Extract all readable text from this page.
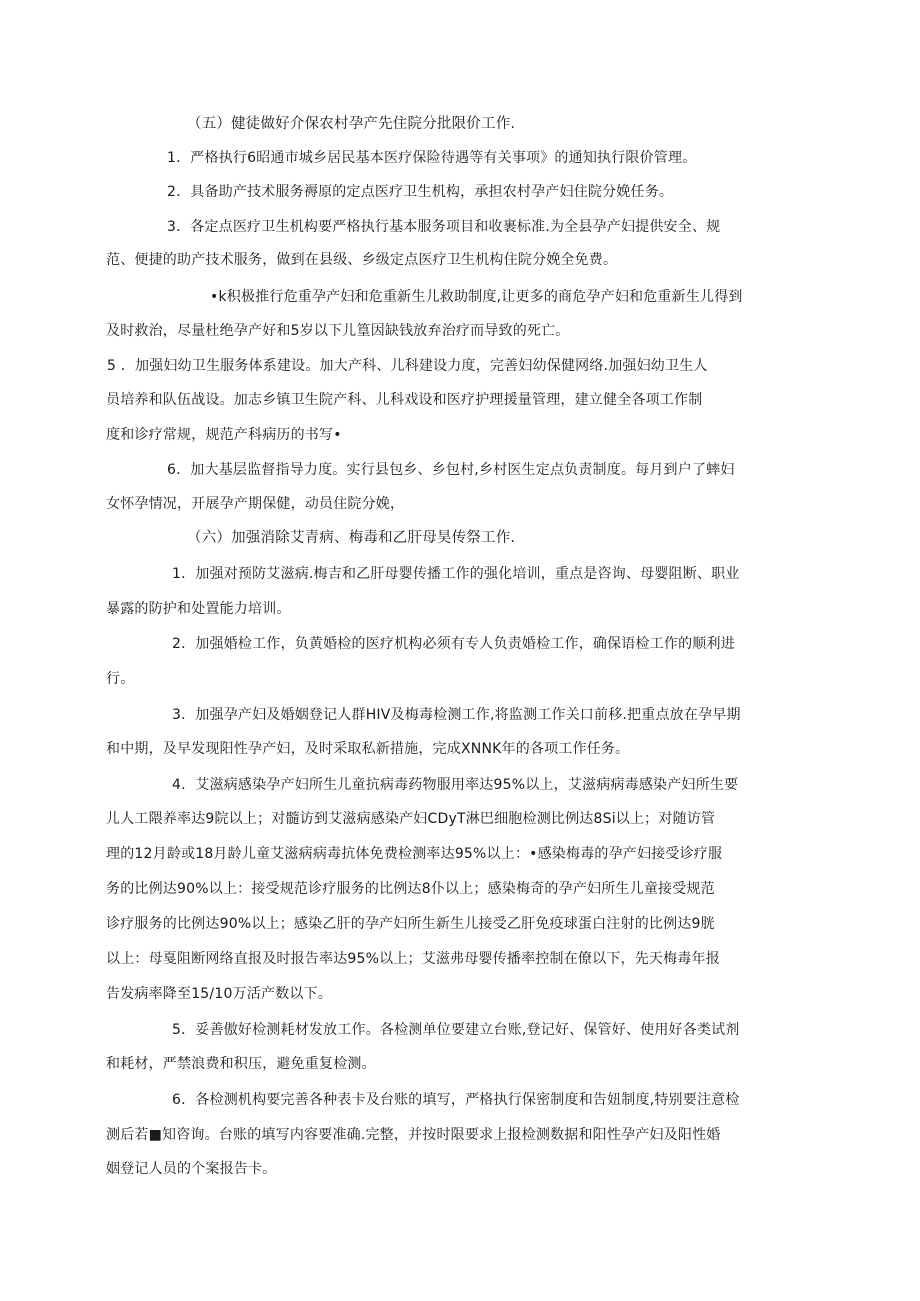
（五）健徒做好介保农村孕产先住院分批限价工作.
1．严格执行6昭通市城乡居民基本医疗保险待遇等有关事项》的通知执行限价管理。
2．具备助产技术服务褥原的定点医疗卫生机构，承担农村孕产妇住院分娩任务。
3．各定点医疗卫生机构要严格执行基本服务项目和收裹标准.为全县孕产妇提供安全、规
范、便捷的助产技术服务，做到在县级、乡级定点医疗卫生机构住院分娩全免费。
•k积极推行危重孕产妇和危重新生儿救助制度,让更多的商危孕产妇和危重新生儿得到
及时救治，尽量杜绝孕产好和5岁以下儿篁因缺钱放弃治疗而导致的死亡。
5 ．加强妇幼卫生服务体系建设。加大产科、儿科建设力度，完善妇幼保健网络.加强妇幼卫生人
员培养和队伍战设。加志乡镇卫生院产科、儿科戏设和医疗护理援量管理，建立健全各项工作制
度和诊疗常规，规范产科病历的书写•
6．加大基层监督指导力度。实行县包乡、乡包村,乡村医生定点负责制度。每月到户了蟀妇
女怀孕情况，开展孕产期保健，动员住院分娩，
（六）加强消除艾青病、梅毒和乙肝母昊传祭工作.
1．加强对预防艾滋病.梅吉和乙肝母婴传播工作的强化培训，重点是咨询、母婴阻断、职业
暴露的防护和处置能力培训。
2．加强婚检工作，负黄婚检的医疗机构必须有专人负责婚检工作，确保语检工作的顺利进
行。
3．加强孕产妇及婚姻登记人群HIV及梅毒检测工作,将监测工作关口前移.把重点放在孕早期
和中期，及早发现阳性孕产妇，及时采取私新措施，完成XNNK年的各项工作任务。
4．艾滋病感染孕产妇所生儿童抗病毒药物服用率达95%以上，艾滋病病毒感染产妇所生要
儿人工隈养率达9院以上；对髓访到艾滋病感染产妇CDyT淋巴细胞检测比例达8Si以上；对随访管
理的12月龄或18月龄儿童艾滋病病毒抗体免费检测率达95%以上：•感染梅毒的孕产妇接受诊疗服
务的比例达90%以上：接受规范诊疗服务的比例达8仆以上；感染梅奇的孕产妇所生儿童接受规范
诊疗服务的比例达90%以上；感染乙肝的孕产妇所生新生儿接受乙肝免疫球蛋白注射的比例达9胱
以上：母戛阻断网络直报及时报告率达95%以上；艾滋弗母婴传播率控制在僚以下，先天梅毒年报
告发病率降至15/10万活产数以下。
5．妥善傲好检测耗材发放工作。各检测单位要建立台账,登记好、保管好、使用好各类试剂
和耗材，严禁浪费和积压，避免重复检测。
6．各检测机构要完善各种表卡及台账的填写，严格执行保密制度和告妞制度,特别要注意检
测后若■知咨询。台账的填写内容要准确.完整，并按时限要求上报检测数据和阳性孕产妇及阳性婚
姻登记人员的个案报告卡。
